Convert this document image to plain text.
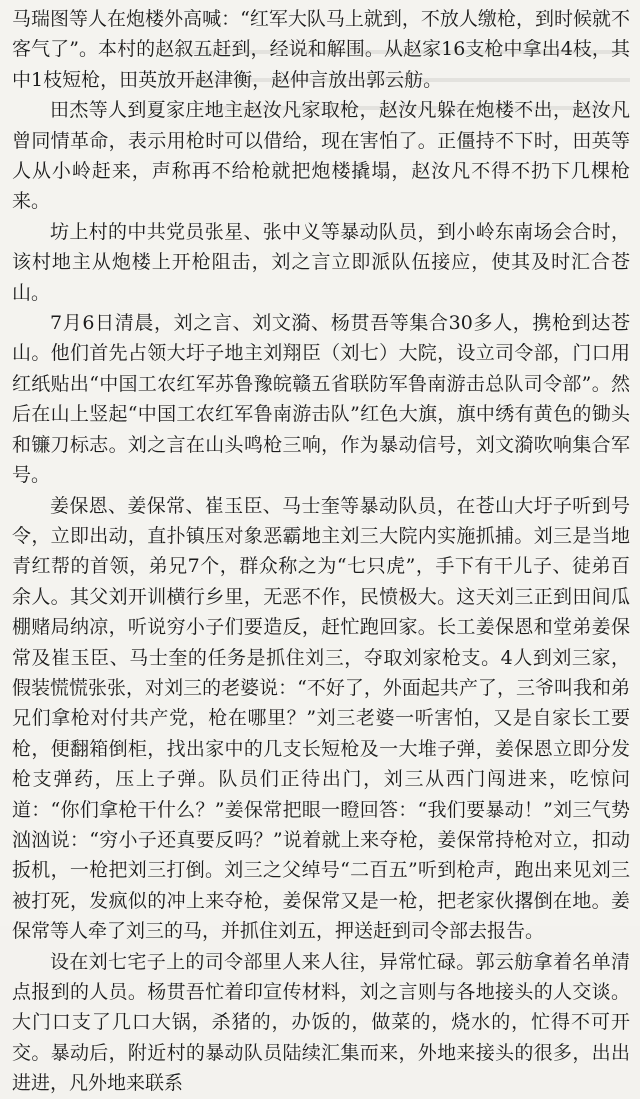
马瑞图等人在炮楼外高喊：“红军大队马上就到，不放人缴枪，到时候就不客气了”。本村的赵叙五赶到，经说和解围。从赵家16支枪中拿出4枝，其中1枝短枪，田英放开赵津衡，赵仲言放出郭云舫。

田杰等人到夏家庄地主赵汝凡家取枪，赵汝凡躲在炮楼不出，赵汝凡曾同情革命，表示用枪时可以借给，现在害怕了。正僵持不下时，田英等人从小岭赶来，声称再不给枪就把炮楼撬塌，赵汝凡不得不扔下几棵枪来。

坊上村的中共党员张星、张中义等暴动队员，到小岭东南场会合时，该村地主从炮楼上开枪阻击，刘之言立即派队伍接应，使其及时汇合苍山。

7月6日清晨，刘之言、刘文漪、杨贯吾等集合30多人，携枪到达苍山。他们首先占领大圩子地主刘翔臣（刘七）大院，设立司令部，门口用红纸贴出“中国工农红军苏鲁豫皖赣五省联防军鲁南游击总队司令部”。然后在山上竖起“中国工农红军鲁南游击队”红色大旗，旗中绣有黄色的锄头和镰刀标志。刘之言在山头鸣枪三响，作为暴动信号，刘文漪吹响集合军号。

姜保恩、姜保常、崔玉臣、马士奎等暴动队员，在苍山大圩子听到号令，立即出动，直扑镇压对象恶霸地主刘三大院内实施抓捕。刘三是当地青红帮的首领，弟兄7个，群众称之为“七只虎”，手下有干儿子、徒弟百余人。其父刘开训横行乡里，无恶不作，民愤极大。这天刘三正到田间瓜棚赌局纳凉，听说穷小子们要造反，赶忙跑回家。长工姜保恩和堂弟姜保常及崔玉臣、马士奎的任务是抓住刘三，夺取刘家枪支。4人到刘三家，假装慌慌张张，对刘三的老婆说：“不好了，外面起共产了，三爷叫我和弟兄们拿枪对付共产党，枪在哪里？”刘三老婆一听害怕，又是自家长工要枪，便翻箱倒柜，找出家中的几支长短枪及一大堆子弹，姜保恩立即分发枪支弹药，压上子弹。队员们正待出门，刘三从西门闯进来，吃惊问道：“你们拿枪干什么？”姜保常把眼一瞪回答：“我们要暴动！”刘三气势汹汹说：“穷小子还真要反吗？”说着就上来夺枪，姜保常持枪对立，扣动扳机，一枪把刘三打倒。刘三之父绰号“二百五”听到枪声，跑出来见刘三被打死，发疯似的冲上来夺枪，姜保常又是一枪，把老家伙撂倒在地。姜保常等人牵了刘三的马，并抓住刘五，押送赶到司令部去报告。

设在刘七宅子上的司令部里人来人往，异常忙碌。郭云舫拿着名单清点报到的人员。杨贯吾忙着印宣传材料，刘之言则与各地接头的人交谈。大门口支了几口大锅，杀猪的，办饭的，做菜的，烧水的，忙得不可开交。暴动后，附近村的暴动队员陆续汇集而来，外地来接头的很多，出出进进，凡外地来联系
